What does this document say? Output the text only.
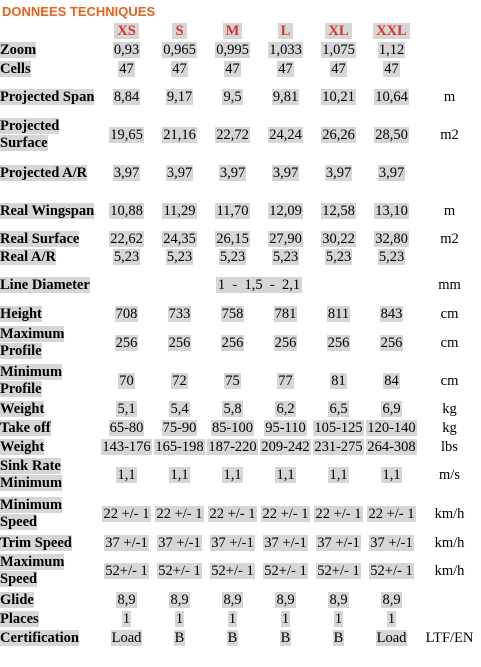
DONNEES TECHNIQUES
	XS	S	M	L	XL	XXL	
Zoom	0,93	0,965	0,995	1,033	1,075	1,12	
Cells	47	47	47	47	47	47	
Projected Span	8,84	9,17	9,5	9,81	10,21	10,64	m
Projected Surface	19,65	21,16	22,72	24,24	26,26	28,50	m2
Projected A/R	3,97	3,97	3,97	3,97	3,97	3,97	
Real Wingspan	10,88	11,29	11,70	12,09	12,58	13,10	m
Real Surface	22,62	24,35	26,15	27,90	30,22	32,80	m2
Real A/R	5,23	5,23	5,23	5,23	5,23	5,23	
Line Diameter	1  -  1,5  -  2,1						mm
Height	708	733	758	781	811	843	cm
Maximum Profile	256	256	256	256	256	256	cm
Minimum Profile	70	72	75	77	81	84	cm
Weight	5,1	5,4	5,8	6,2	6,5	6,9	kg
Take off	65-80	75-90	85-100	95-110	105-125	120-140	kg
Weight	143-176	165-198	187-220	209-242	231-275	264-308	lbs
Sink Rate Minimum	1,1	1,1	1,1	1,1	1,1	1,1	m/s
Minimum Speed	22 +/- 1	22 +/- 1	22 +/- 1	22 +/- 1	22 +/- 1	22 +/- 1	km/h
Trim Speed	37 +/-1	37 +/-1	37 +/-1	37 +/-1	37 +/-1	37 +/-1	km/h
Maximum Speed	52+/- 1	52+/- 1	52+/- 1	52+/- 1	52+/- 1	52+/- 1	km/h
Glide	8,9	8,9	8,9	8,9	8,9	8,9	
Places	1	1	1	1	1	1	
Certification	Load	B	B	B	B	Load	LTF/EN
